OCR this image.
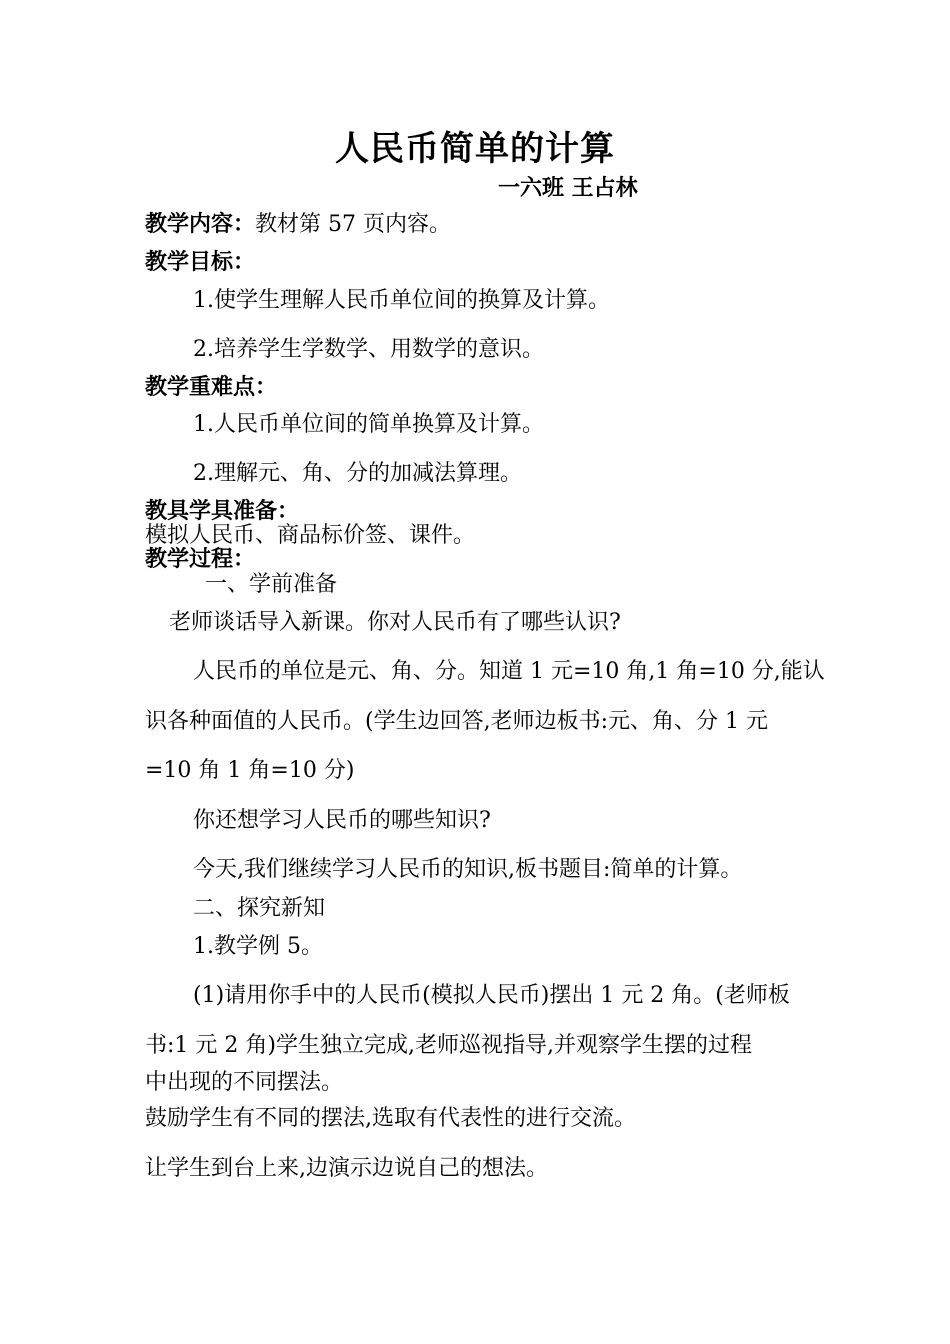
人民币简单的计算
一六班 王占林
教学内容：教材第 57 页内容。
教学目标：
1.使学生理解人民币单位间的换算及计算。
2.培养学生学数学、用数学的意识。
教学重难点：
1.人民币单位间的简单换算及计算。
2.理解元、角、分的加减法算理。
教具学具准备：
模拟人民币、商品标价签、课件。
教学过程：
一、学前准备
老师谈话导入新课。你对人民币有了哪些认识?
人民币的单位是元、角、分。知道 1 元=10 角,1 角=10 分,能认
识各种面值的人民币。(学生边回答,老师边板书:元、角、分 1 元
=10 角 1 角=10 分)
你还想学习人民币的哪些知识?
今天,我们继续学习人民币的知识,板书题目:简单的计算。
二、探究新知
1.教学例 5。
(1)请用你手中的人民币(模拟人民币)摆出 1 元 2 角。(老师板
书:1 元 2 角)学生独立完成,老师巡视指导,并观察学生摆的过程
中出现的不同摆法。
鼓励学生有不同的摆法,选取有代表性的进行交流。
让学生到台上来,边演示边说自己的想法。
